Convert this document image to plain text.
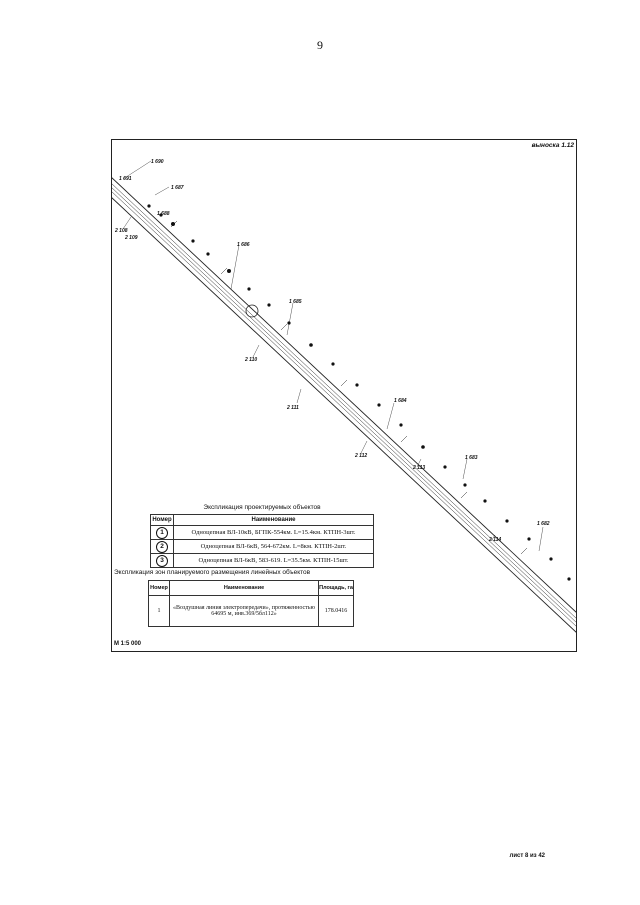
9
1 690
1 691
1 687
1 688
2 108
2 109
1 686
1 685
2 110
2 111
1 684
2 112
2 113
1 683
1 682
2 114
выноска 1.12
Экспликация проектируемых объектов
Номер	Наименование
1	Одноцепная ВЛ-10кВ, БГПК-554км. L=15.4км. КТПН-3шт.
2	Одноцепная ВЛ-6кВ, 564-672км. L=8км. КТПН-2шт.
3	Одноцепная ВЛ-6кВ, 583-619. L=35.5км. КТПН-15шт.
Экспликация зон планируемого размещения линейных объектов
Номер	Наименование	Площадь, га
1	«Воздушная линия электропередачи», протяженностью 64695 м, инв.369/5бл112»	178.0416
М 1:5 000
лист 8 из 42
